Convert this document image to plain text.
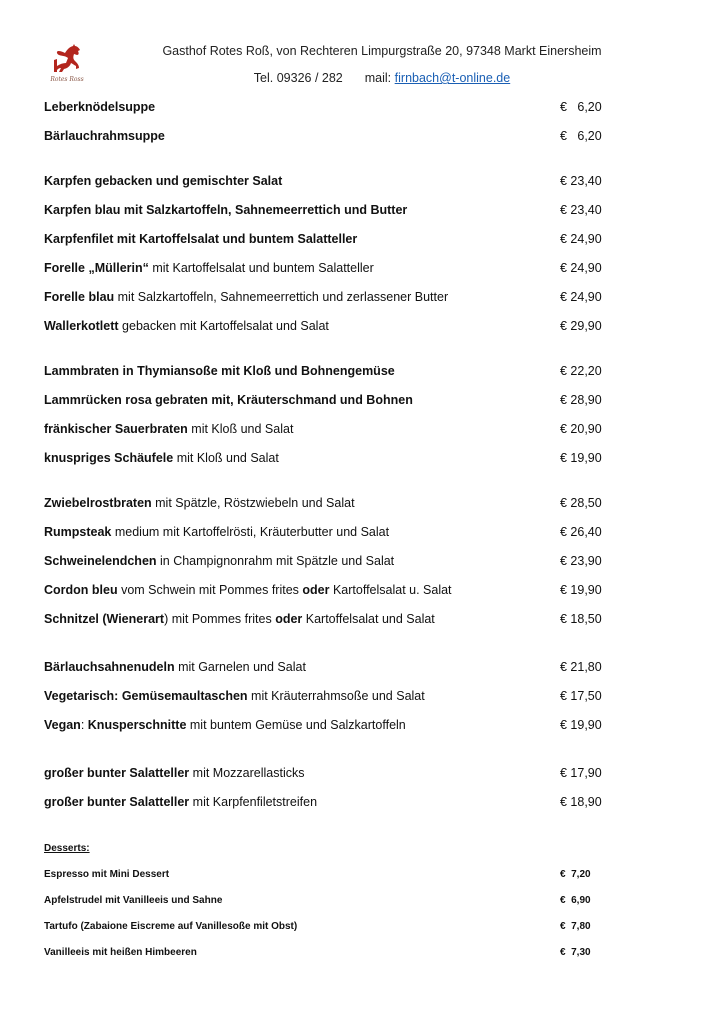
Rotes Ross
Gasthof Rotes Roß, von Rechteren Limpurgstraße 20, 97348 Markt Einersheim
Tel. 09326 / 282 mail: firnbach@t-online.de
Leberknödelsuppe	€   6,20
Bärlauchrahmsuppe	€   6,20
Karpfen gebacken und gemischter Salat	€ 23,40
Karpfen blau mit Salzkartoffeln, Sahnemeerrettich und Butter	€ 23,40
Karpfenfilet mit Kartoffelsalat und buntem Salatteller	€ 24,90
Forelle „Müllerin“ mit Kartoffelsalat und buntem Salatteller	€ 24,90
Forelle blau mit Salzkartoffeln, Sahnemeerrettich und zerlassener Butter	€ 24,90
Wallerkotlett gebacken mit Kartoffelsalat und Salat	€ 29,90
Lammbraten in Thymiansoße mit Kloß und Bohnengemüse	€ 22,20
Lammrücken rosa gebraten mit, Kräuterschmand und Bohnen	€ 28,90
fränkischer Sauerbraten mit Kloß und Salat	€ 20,90
knuspriges Schäufele mit Kloß und Salat	€ 19,90
Zwiebelrostbraten mit Spätzle, Röstzwiebeln und Salat	€ 28,50
Rumpsteak medium mit Kartoffelrösti, Kräuterbutter und Salat	€ 26,40
Schweinelendchen in Champignonrahm mit Spätzle und Salat	€ 23,90
Cordon bleu vom Schwein mit Pommes frites oder Kartoffelsalat u. Salat	€ 19,90
Schnitzel (Wienerart) mit Pommes frites oder Kartoffelsalat und Salat	€ 18,50
Bärlauchsahnenudeln mit Garnelen und Salat	€ 21,80
Vegetarisch: Gemüsemaultaschen mit Kräuterrahmsoße und Salat	€ 17,50
Vegan: Knusperschnitte mit buntem Gemüse und Salzkartoffeln	€ 19,90
großer bunter Salatteller mit Mozzarellasticks	€ 17,90
großer bunter Salatteller mit Karpfenfiletstreifen	€ 18,90
Desserts:
Espresso mit Mini Dessert	€  7,20
Apfelstrudel mit Vanilleeis und Sahne	€  6,90
Tartufo (Zabaione Eiscreme auf Vanillesoße mit Obst)	€  7,80
Vanilleeis mit heißen Himbeeren	€  7,30
